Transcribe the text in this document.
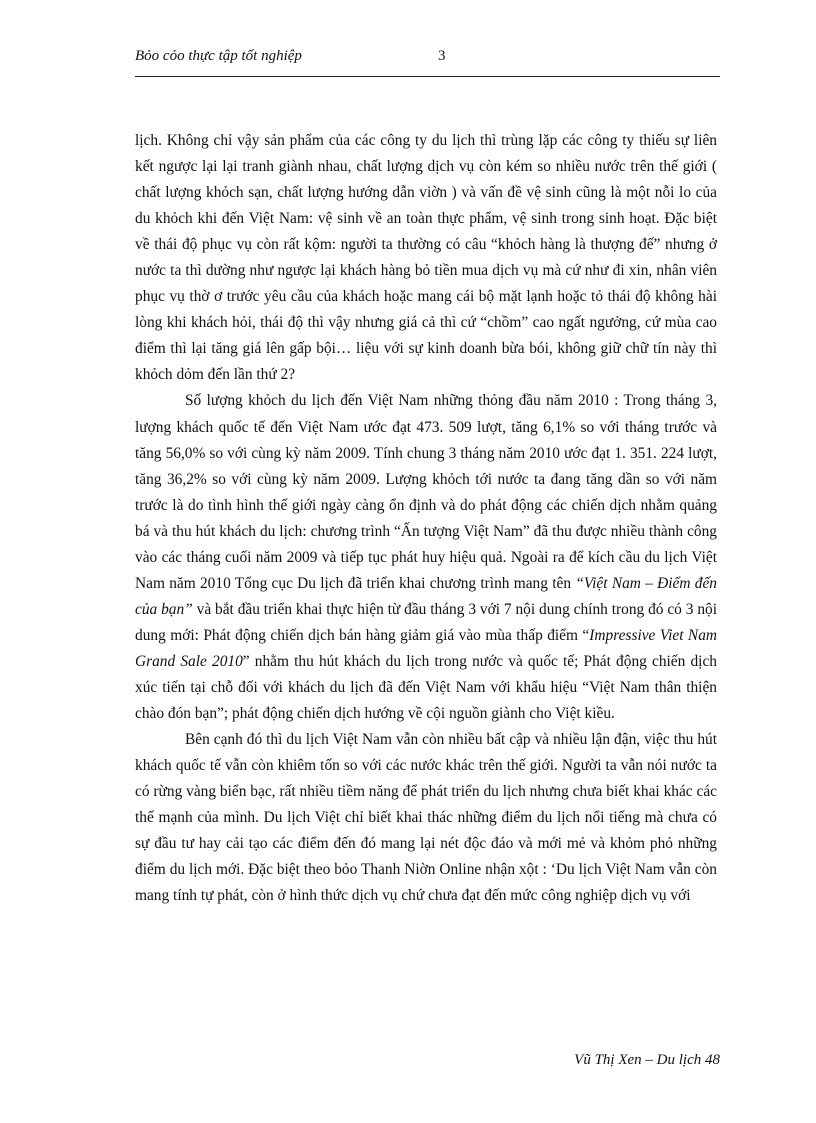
Bỏo cỏo thực tập tốt nghiệp	3

lịch. Không chỉ vậy sản phẩm của các công ty du lịch thì trùng lặp các công ty thiếu sự liên kết ngược lại lại tranh giành nhau, chất lượng dịch vụ còn kém so nhiều nước trên thế giới ( chất lượng khỏch sạn, chất lượng hướng dẫn viờn ) và vấn đề vệ sinh cũng là một nỗi lo của du khỏch khi đến Việt Nam: vệ sinh về an toàn thực phẩm, vệ sinh trong sinh hoạt. Đặc biệt về thái độ phục vụ còn rất kộm: người ta thường có câu “khỏch hàng là thượng đế” nhưng ở nước ta thì dường như ngược lại khách hàng bỏ tiền mua dịch vụ mà cứ như đi xin, nhân viên phục vụ thờ ơ trước yêu cầu của khách hoặc mang cái bộ mặt lạnh hoặc tỏ thái độ không hài lòng khi khách hỏi, thái độ thì vậy nhưng giá cả thì cứ “chồm” cao ngất ngưởng, cứ mùa cao điểm thì lại tăng giá lên gấp bội… liệu với sự kinh doanh bừa bói, không giữ chữ tín này thì khỏch dỏm đến lần thứ 2?

Số lượng khỏch du lịch đến Việt Nam những thỏng đầu năm 2010 : Trong tháng 3, lượng khách quốc tế đến Việt Nam ước đạt 473. 509 lượt, tăng 6,1% so với tháng trước và tăng 56,0% so với cùng kỳ năm 2009. Tính chung 3 tháng năm 2010 ước đạt 1. 351. 224 lượt, tăng 36,2% so với cùng kỳ năm 2009. Lượng khỏch tới nước ta đang tăng dần so với năm trước là do tình hình thế giới ngày càng ổn định và do phát động các chiến dịch nhằm quảng bá và thu hút khách du lịch: chương trình “Ấn tượng Việt Nam” đã thu được nhiều thành công vào các tháng cuối năm 2009 và tiếp tục phát huy hiệu quả. Ngoài ra để kích cầu du lịch Việt Nam năm 2010 Tổng cục Du lịch đã triển khai chương trình mang tên “Việt Nam – Điểm đến của bạn” và bắt đầu triển khai thực hiện từ đầu tháng 3 với 7 nội dung chính trong đó có 3 nội dung mới: Phát động chiến dịch bán hàng giảm giá vào mùa thấp điểm “Impressive Viet Nam Grand Sale 2010” nhằm thu hút khách du lịch trong nước và quốc tế; Phát động chiến dịch xúc tiến tại chỗ đối với khách du lịch đã đến Việt Nam với khẩu hiệu “Việt Nam thân thiện chào đón bạn”; phát động chiến dịch hướng về cội nguồn giành cho Việt kiều.

Bên cạnh đó thì du lịch Việt Nam vẫn còn nhiều bất cập và nhiều lận đận, việc thu hút khách quốc tế vẫn còn khiêm tốn so với các nước khác trên thế giới. Người ta vẫn nói nước ta có rừng vàng biển bạc, rất nhiều tiềm năng để phát triển du lịch nhưng chưa biết khai khác các thế mạnh của mình. Du lịch Việt chỉ biết khai thác những điểm du lịch nổi tiếng mà chưa có sự đầu tư hay cải tạo các điểm đến đó mang lại nét độc đáo và mới mẻ và khỏm phỏ những điểm du lịch mới. Đặc biệt theo bỏo Thanh Niờn Online nhận xột : ‘Du lịch Việt Nam vẫn còn mang tính tự phát, còn ở hình thức dịch vụ chứ chưa đạt đến mức công nghiệp dịch vụ với

Vũ Thị Xen – Du lịch 48
